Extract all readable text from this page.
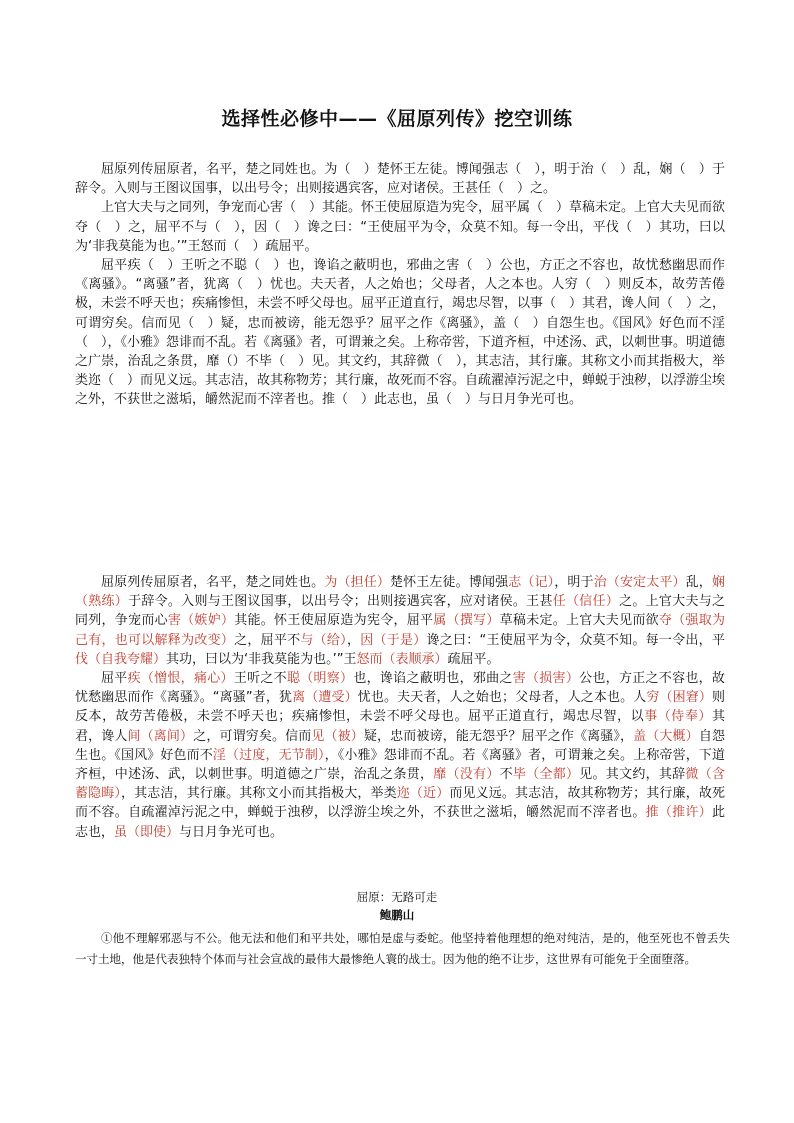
选择性必修中——《屈原列传》挖空训练

屈原列传屈原者，名平，楚之同姓也。为（　）楚怀王左徒。博闻强志（　），明于治（　）乱，娴（　）于辞令。入则与王图议国事，以出号令；出则接遇宾客，应对诸侯。王甚任（　）之。

上官大夫与之同列，争宠而心害（　）其能。怀王使屈原造为宪令，屈平属（　）草稿未定。上官大夫见而欲夺（　）之，屈平不与（　），因（　）谗之曰：“王使屈平为令，众莫不知。每一令出，平伐（　）其功，曰以为‘非我莫能为也。’”王怒而（　）疏屈平。

屈平疾（　）王听之不聪（　）也，谗谄之蔽明也，邪曲之害（　）公也，方正之不容也，故忧愁幽思而作《离骚》。“离骚”者，犹离（　）忧也。夫天者，人之始也；父母者，人之本也。人穷（　）则反本，故劳苦倦极，未尝不呼天也；疾痛惨怛，未尝不呼父母也。屈平正道直行，竭忠尽智，以事（　）其君，谗人间（　）之，可谓穷矣。信而见（　）疑，忠而被谤，能无怨乎？屈平之作《离骚》，盖（　）自怨生也。《国风》好色而不淫（　），《小雅》怨诽而不乱。若《离骚》者，可谓兼之矣。上称帝喾，下道齐桓，中述汤、武，以刺世事。明道德之广崇，治乱之条贯，靡（）不毕（　）见。其文约，其辞微（　），其志洁，其行廉。其称文小而其指极大，举类迩（　）而见义远。其志洁，故其称物芳；其行廉，故死而不容。自疏濯淖污泥之中，蝉蜕于浊秽，以浮游尘埃之外，不获世之滋垢，皭然泥而不滓者也。推（　）此志也，虽（　）与日月争光可也。

屈原列传屈原者，名平，楚之同姓也。为（担任）楚怀王左徒。博闻强志（记），明于治（安定太平）乱，娴（熟练）于辞令。入则与王图议国事，以出号令；出则接遇宾客，应对诸侯。王甚任（信任）之。上官大夫与之同列，争宠而心害（嫉妒）其能。怀王使屈原造为宪令，屈平属（撰写）草稿未定。上官大夫见而欲夺（强取为己有，也可以解释为改变）之，屈平不与（给），因（于是）谗之曰：“王使屈平为令，众莫不知。每一令出，平伐（自我夸耀）其功，曰以为‘非我莫能为也。’”王怒而（表顺承）疏屈平。

屈平疾（憎恨，痛心）王听之不聪（明察）也，谗谄之蔽明也，邪曲之害（损害）公也，方正之不容也，故忧愁幽思而作《离骚》。“离骚”者，犹离（遭受）忧也。夫天者，人之始也；父母者，人之本也。人穷（困窘）则反本，故劳苦倦极，未尝不呼天也；疾痛惨怛，未尝不呼父母也。屈平正道直行，竭忠尽智，以事（侍奉）其君，谗人间（离间）之，可谓穷矣。信而见（被）疑，忠而被谤，能无怨乎？屈平之作《离骚》，盖（大概）自怨生也。《国风》好色而不淫（过度，无节制），《小雅》怨诽而不乱。若《离骚》者，可谓兼之矣。上称帝喾，下道齐桓，中述汤、武，以刺世事。明道德之广崇，治乱之条贯，靡（没有）不毕（全都）见。其文约，其辞微（含蓄隐晦），其志洁，其行廉。其称文小而其指极大，举类迩（近）而见义远。其志洁，故其称物芳；其行廉，故死而不容。自疏濯淖污泥之中，蝉蜕于浊秽，以浮游尘埃之外，不获世之滋垢，皭然泥而不滓者也。推（推许）此志也，虽（即使）与日月争光可也。

屈原：无路可走
鲍鹏山
①他不理解邪恶与不公。他无法和他们和平共处，哪怕是虚与委蛇。他坚持着他理想的绝对纯洁，是的，他至死也不曾丢失一寸土地，他是代表独特个体而与社会宣战的最伟大最惨绝人寰的战士。因为他的绝不让步，这世界有可能免于全面堕落。
